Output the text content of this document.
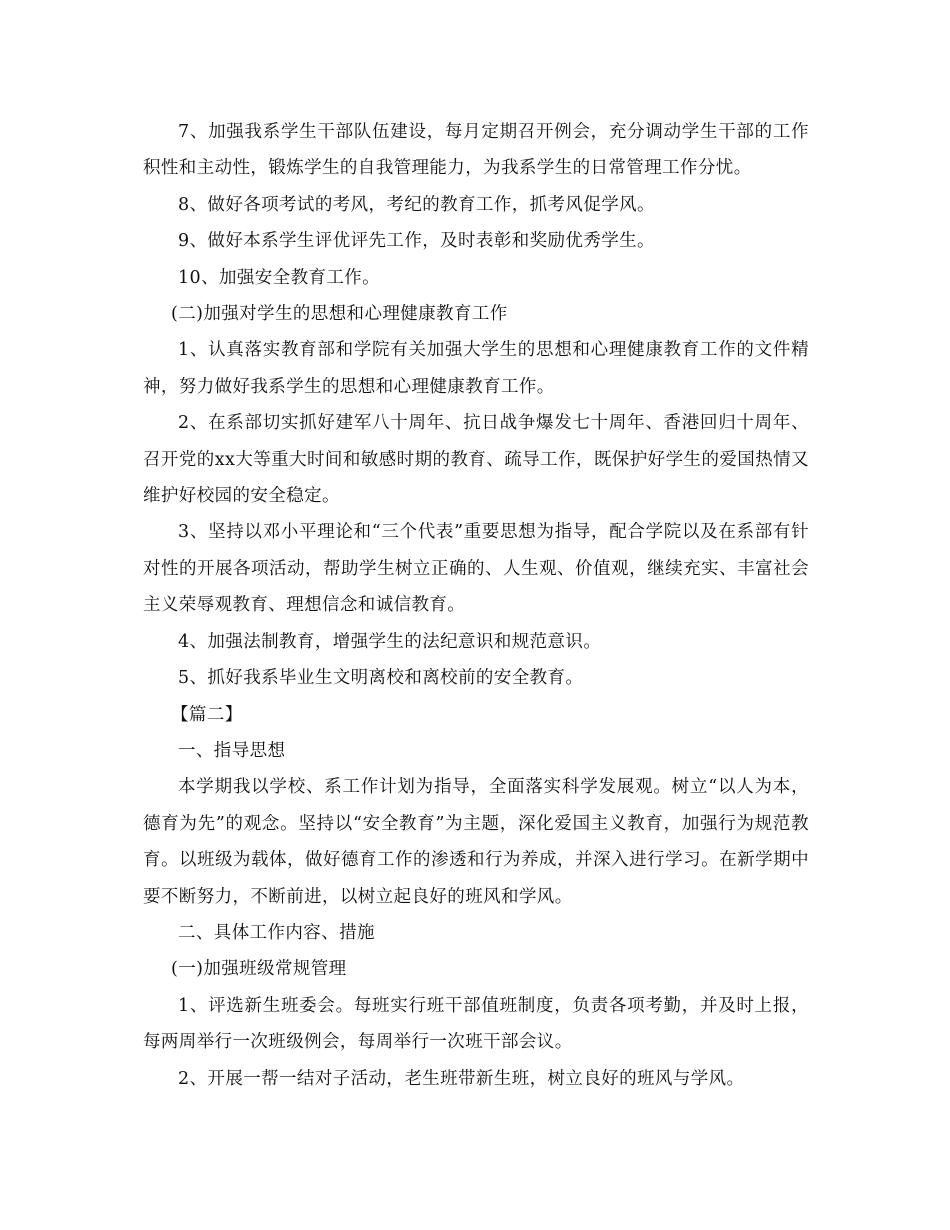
7、加强我系学生干部队伍建设，每月定期召开例会，充分调动学生干部的工作积性和主动性，锻炼学生的自我管理能力，为我系学生的日常管理工作分忧。

8、做好各项考试的考风，考纪的教育工作，抓考风促学风。

9、做好本系学生评优评先工作，及时表彰和奖励优秀学生。

10、加强安全教育工作。

(二)加强对学生的思想和心理健康教育工作

1、认真落实教育部和学院有关加强大学生的思想和心理健康教育工作的文件精神，努力做好我系学生的思想和心理健康教育工作。

2、在系部切实抓好建军八十周年、抗日战争爆发七十周年、香港回归十周年、召开党的xx大等重大时间和敏感时期的教育、疏导工作，既保护好学生的爱国热情又维护好校园的安全稳定。

3、坚持以邓小平理论和“三个代表”重要思想为指导，配合学院以及在系部有针对性的开展各项活动，帮助学生树立正确的、人生观、价值观，继续充实、丰富社会主义荣辱观教育、理想信念和诚信教育。

4、加强法制教育，增强学生的法纪意识和规范意识。

5、抓好我系毕业生文明离校和离校前的安全教育。

【篇二】

一、指导思想

本学期我以学校、系工作计划为指导，全面落实科学发展观。树立“以人为本，德育为先”的观念。坚持以“安全教育”为主题，深化爱国主义教育，加强行为规范教育。以班级为载体，做好德育工作的渗透和行为养成，并深入进行学习。在新学期中要不断努力，不断前进，以树立起良好的班风和学风。

二、具体工作内容、措施

(一)加强班级常规管理

1、评选新生班委会。每班实行班干部值班制度，负责各项考勤，并及时上报，每两周举行一次班级例会，每周举行一次班干部会议。

2、开展一帮一结对子活动，老生班带新生班，树立良好的班风与学风。
